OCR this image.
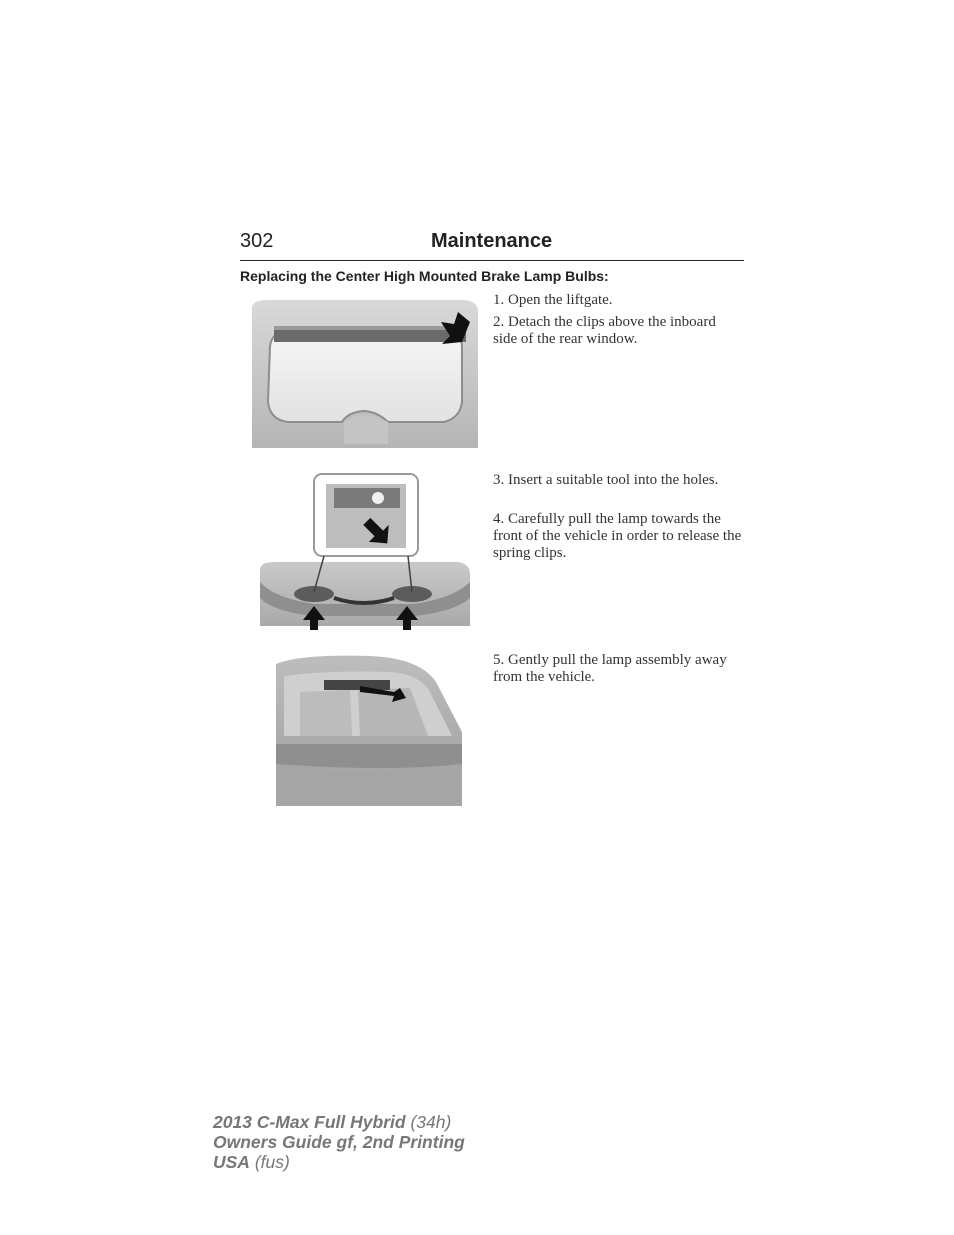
302	Maintenance
Replacing the Center High Mounted Brake Lamp Bulbs:
1. Open the liftgate.
2. Detach the clips above the inboard side of the rear window.
3. Insert a suitable tool into the holes.
4. Carefully pull the lamp towards the front of the vehicle in order to release the spring clips.
5. Gently pull the lamp assembly away from the vehicle.
2013 C-Max Full Hybrid (34h)
Owners Guide gf, 2nd Printing
USA (fus)
